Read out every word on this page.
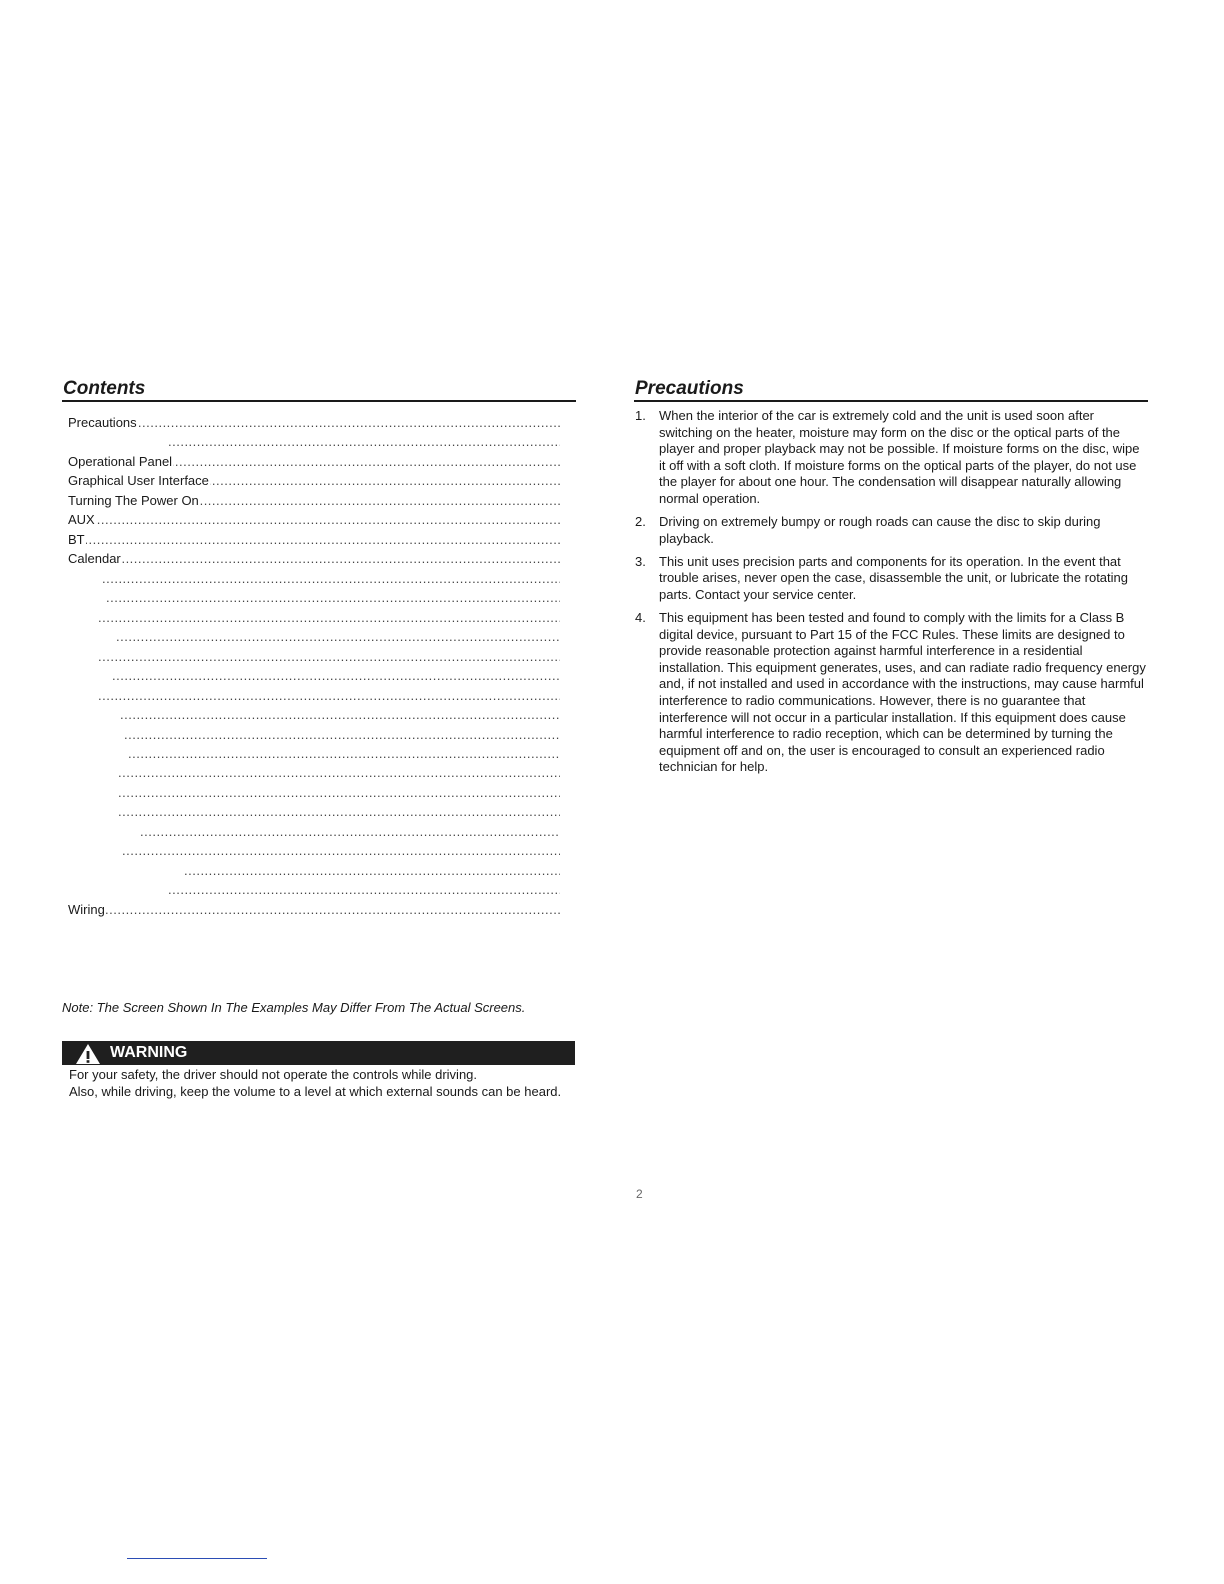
Contents
.....
Precautions
.....
.....
Operational Panel
.....
Graphical User Interface
.....
Turning The Power On
.....
AUX
.....
BT
.....
Calendar
.....
.....
.....
.....
.....
.....
.....
.....
.....
.....
.....
.....
.....
.....
.....
.....
.....
.....
Wiring
Note: The Screen Shown In The Examples May Differ From The Actual Screens.
WARNING

For your safety, the driver should not operate the controls while driving.

Also, while driving, keep the volume to a level at which external sounds can be heard.

Precautions
1. When the interior of the car is extremely cold and the unit is used soon after switching on the heater, moisture may form on the disc or the optical parts of the player and proper playback may not be possible. If moisture forms on the disc, wipe it off with a soft cloth. If moisture forms on the optical parts of the player, do not use the player for about one hour. The condensation will disappear naturally allowing normal operation.
2. Driving on extremely bumpy or rough roads can cause the disc to skip during playback.
3. This unit uses precision parts and components for its operation. In the event that trouble arises, never open the case, disassemble the unit, or lubricate the rotating parts. Contact your service center.
4. This equipment has been tested and found to comply with the limits for a Class B digital device, pursuant to Part 15 of the FCC Rules. These limits are designed to provide reasonable protection against harmful interference in a residential installation. This equipment generates, uses, and can radiate radio frequency energy and, if not installed and used in accordance with the instructions, may cause harmful interference to radio communications. However, there is no guarantee that interference will not occur in a particular installation. If this equipment does cause harmful interference to radio reception, which can be determined by turning the equipment off and on, the user is encouraged to consult an experienced radio technician for help.
2
